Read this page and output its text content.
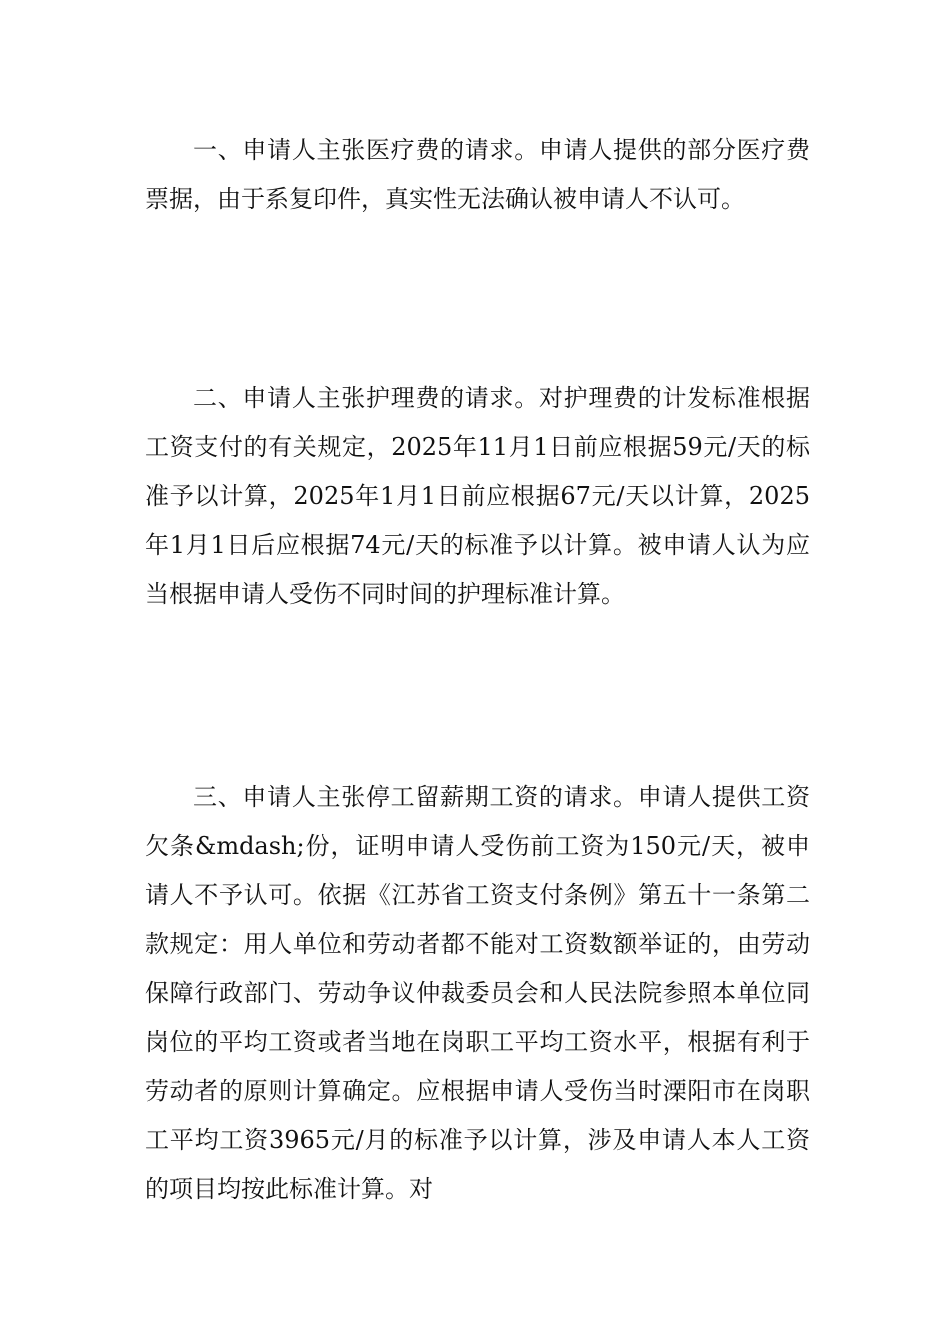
一、申请人主张医疗费的请求。申请人提供的部分医疗费票据，由于系复印件，真实性无法确认被申请人不认可。

二、申请人主张护理费的请求。对护理费的计发标准根据工资支付的有关规定，2025年11月1日前应根据59元/天的标准予以计算，2025年1月1日前应根据67元/天以计算，2025年1月1日后应根据74元/天的标准予以计算。被申请人认为应当根据申请人受伤不同时间的护理标准计算。

三、申请人主张停工留薪期工资的请求。申请人提供工资欠条&mdash;份，证明申请人受伤前工资为150元/天，被申请人不予认可。依据《江苏省工资支付条例》第五十一条第二款规定：用人单位和劳动者都不能对工资数额举证的，由劳动保障行政部门、劳动争议仲裁委员会和人民法院参照本单位同岗位的平均工资或者当地在岗职工平均工资水平，根据有利于劳动者的原则计算确定。应根据申请人受伤当时溧阳市在岗职工平均工资3965元/月的标准予以计算，涉及申请人本人工资的项目均按此标准计算。对
